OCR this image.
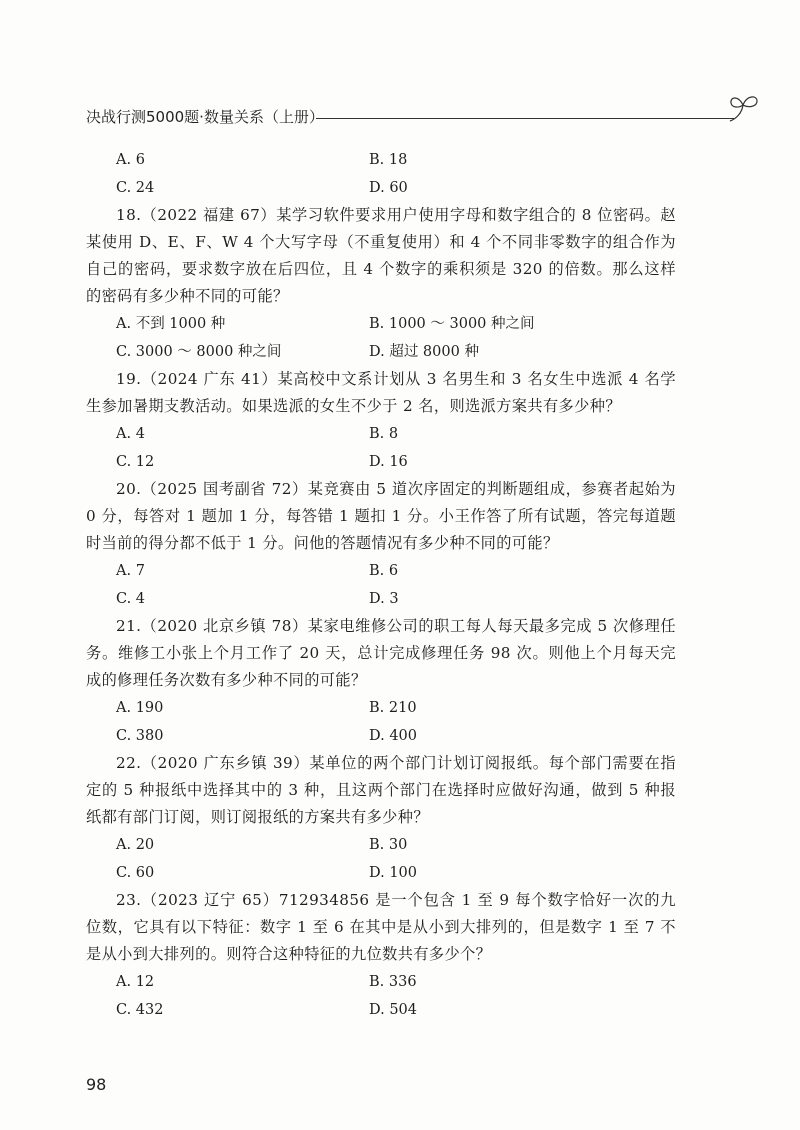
决战行测5000题·数量关系（上册）
A. 6	B. 18
C. 24	D. 60

18.（2022 福建 67）某学习软件要求用户使用字母和数字组合的 8 位密码。赵某使用 D、E、F、W 4 个大写字母（不重复使用）和 4 个不同非零数字的组合作为自己的密码，要求数字放在后四位，且 4 个数字的乘积须是 320 的倍数。那么这样的密码有多少种不同的可能？

A. 不到 1000 种	B. 1000 ～ 3000 种之间
C. 3000 ～ 8000 种之间	D. 超过 8000 种

19.（2024 广东 41）某高校中文系计划从 3 名男生和 3 名女生中选派 4 名学生参加暑期支教活动。如果选派的女生不少于 2 名，则选派方案共有多少种？

A. 4	B. 8
C. 12	D. 16

20.（2025 国考副省 72）某竞赛由 5 道次序固定的判断题组成，参赛者起始为 0 分，每答对 1 题加 1 分，每答错 1 题扣 1 分。小王作答了所有试题，答完每道题时当前的得分都不低于 1 分。问他的答题情况有多少种不同的可能？

A. 7	B. 6
C. 4	D. 3

21.（2020 北京乡镇 78）某家电维修公司的职工每人每天最多完成 5 次修理任务。维修工小张上个月工作了 20 天，总计完成修理任务 98 次。则他上个月每天完成的修理任务次数有多少种不同的可能？

A. 190	B. 210
C. 380	D. 400

22.（2020 广东乡镇 39）某单位的两个部门计划订阅报纸。每个部门需要在指定的 5 种报纸中选择其中的 3 种，且这两个部门在选择时应做好沟通，做到 5 种报纸都有部门订阅，则订阅报纸的方案共有多少种？

A. 20	B. 30
C. 60	D. 100

23.（2023 辽宁 65）712934856 是一个包含 1 至 9 每个数字恰好一次的九位数，它具有以下特征：数字 1 至 6 在其中是从小到大排列的，但是数字 1 至 7 不是从小到大排列的。则符合这种特征的九位数共有多少个？

A. 12	B. 336
C. 432	D. 504
98
